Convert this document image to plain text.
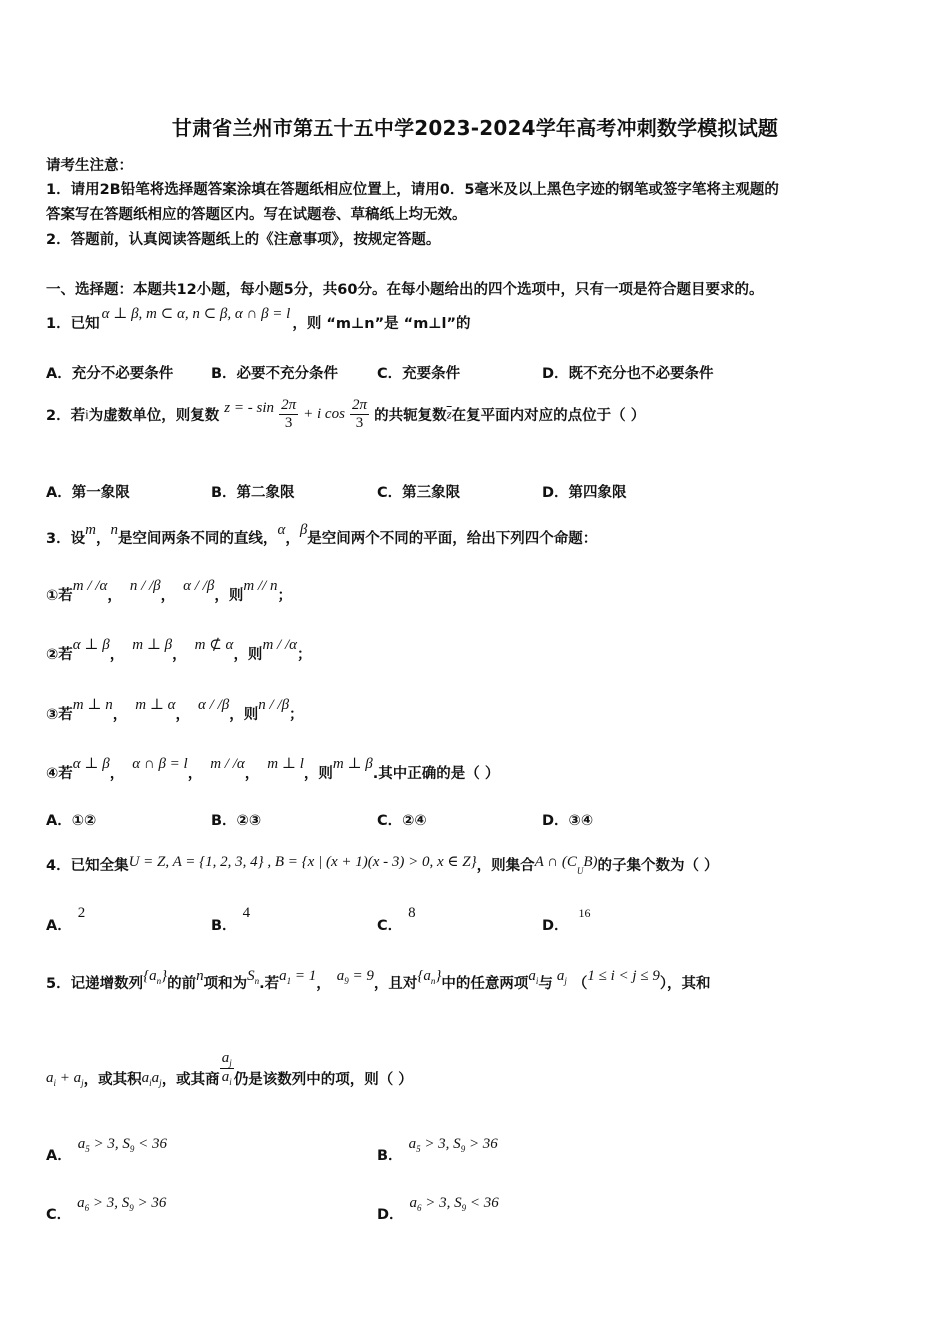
甘肃省兰州市第五十五中学2023-2024学年高考冲刺数学模拟试题
请考生注意：
1．请用2B铅笔将选择题答案涂填在答题纸相应位置上，请用0．5毫米及以上黑色字迹的钢笔或签字笔将主观题的
答案写在答题纸相应的答题区内。写在试题卷、草稿纸上均无效。
2．答题前，认真阅读答题纸上的《注意事项》，按规定答题。
一、选择题：本题共12小题，每小题5分，共60分。在每小题给出的四个选项中，只有一项是符合题目要求的。
1．已知α ⊥ β, m ⊂ α, n ⊂ β, α ∩ β = l，则 “m⊥n”是 “m⊥l”的
A．充分不必要条件	B．必要不充分条件	C．充要条件	D．既不充分也不必要条件
2．若i为虚数单位，则复数 z = - $\sin \frac{2\pi}{3} + i$ $\cos \frac{2\pi}{3}$ 的共轭复数$\overline{z}$在复平面内对应的点位于（ ）
A．第一象限	B．第二象限	C．第三象限	D．第四象限
3．设m，n是空间两条不同的直线，α，β是空间两个不同的平面，给出下列四个命题：
①若m / /α，n / /β，α / /β，则m // n；
②若α ⊥ β，m ⊥ β，m ⊄ α，则m / /α；
③若m ⊥ n，m ⊥ α，α / /β，则n / /β；
④若α ⊥ β，α ∩ β = l，m / /α，m ⊥ l，则m ⊥ β.其中正确的是（ ）
A．①②	B．②③	C．②④	D．③④
4．已知全集U = Z, A = {1, 2, 3, 4} , B = {x | (x + 1)(x - 3) > 0, x ∈ Z}，则集合A ∩ $(C_UB)$的子集个数为（ ）
A．2
B．4
C．8
D．$^{16}$
5．记递增数列$\{a_n\}$的前n项和为$S_n$.若$a_1 = 1$， $a_9 = 9$，且对$\{a_n\}$中的任意两项$a_i$与 $a_j$ （1 ≤ i < j ≤ 9），其和
$a_i + a_j$，或其积$a_ia_j$，或其商 $\frac{a_j}{a_i}$ 仍是该数列中的项，则（ ）
A．$a_5 > 3$, $S_9 < 36$
B．$a_5 > 3$, $S_9 > 36$
C．$a_6 > 3$, $S_9 > 36$
D．$a_6 > 3$, $S_9 < 36$
